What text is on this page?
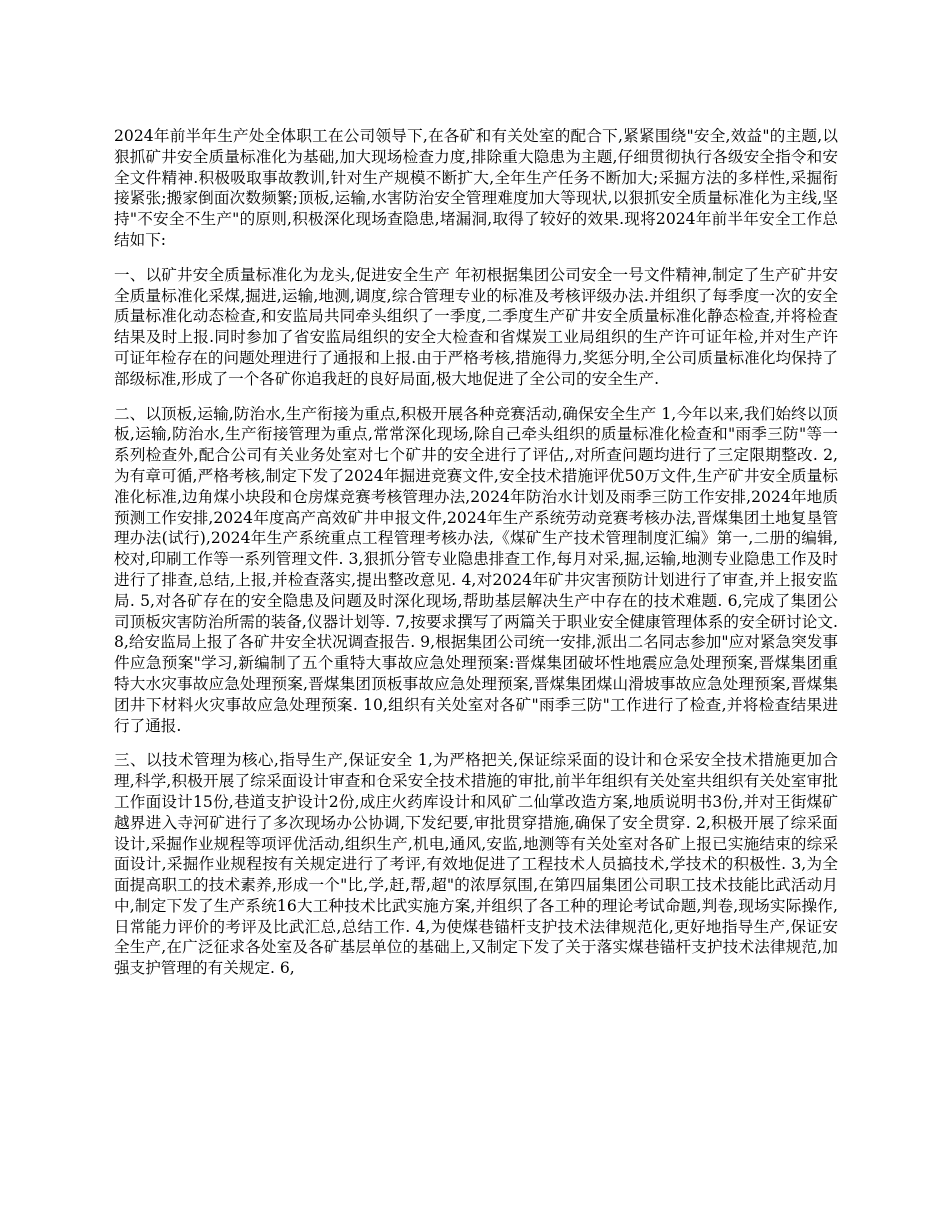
2024年前半年生产处全体职工在公司领导下,在各矿和有关处室的配合下,紧紧围绕"安全,效益"的主题,以狠抓矿井安全质量标准化为基础,加大现场检查力度,排除重大隐患为主题,仔细贯彻执行各级安全指令和安全文件精神.积极吸取事故教训,针对生产规模不断扩大,全年生产任务不断加大;采掘方法的多样性,采掘衔接紧张;搬家倒面次数频繁;顶板,运输,水害防治安全管理难度加大等现状,以狠抓安全质量标准化为主线,坚持"不安全不生产"的原则,积极深化现场查隐患,堵漏洞,取得了较好的效果.现将2024年前半年安全工作总结如下:

一、以矿井安全质量标准化为龙头,促进安全生产 年初根据集团公司安全一号文件精神,制定了生产矿井安全质量标准化采煤,掘进,运输,地测,调度,综合管理专业的标准及考核评级办法.并组织了每季度一次的安全质量标准化动态检查,和安监局共同牵头组织了一季度,二季度生产矿井安全质量标准化静态检查,并将检查结果及时上报.同时参加了省安监局组织的安全大检查和省煤炭工业局组织的生产许可证年检,并对生产许可证年检存在的问题处理进行了通报和上报.由于严格考核,措施得力,奖惩分明,全公司质量标准化均保持了部级标准,形成了一个各矿你追我赶的良好局面,极大地促进了全公司的安全生产.

二、以顶板,运输,防治水,生产衔接为重点,积极开展各种竞赛活动,确保安全生产 1,今年以来,我们始终以顶板,运输,防治水,生产衔接管理为重点,常常深化现场,除自己牵头组织的质量标准化检查和"雨季三防"等一系列检查外,配合公司有关业务处室对七个矿井的安全进行了评估,,对所查问题均进行了三定限期整改. 2,为有章可循,严格考核,制定下发了2024年掘进竞赛文件,安全技术措施评优50万文件,生产矿井安全质量标准化标准,边角煤小块段和仓房煤竞赛考核管理办法,2024年防治水计划及雨季三防工作安排,2024年地质预测工作安排,2024年度高产高效矿井申报文件,2024年生产系统劳动竞赛考核办法,晋煤集团土地复垦管理办法(试行),2024年生产系统重点工程管理考核办法,《煤矿生产技术管理制度汇编》第一,二册的编辑,校对,印刷工作等一系列管理文件. 3,狠抓分管专业隐患排查工作,每月对采,掘,运输,地测专业隐患工作及时进行了排查,总结,上报,并检查落实,提出整改意见. 4,对2024年矿井灾害预防计划进行了审查,并上报安监局. 5,对各矿存在的安全隐患及问题及时深化现场,帮助基层解决生产中存在的技术难题. 6,完成了集团公司顶板灾害防治所需的装备,仪器计划等. 7,按要求撰写了两篇关于职业安全健康管理体系的安全研讨论文. 8,给安监局上报了各矿井安全状况调查报告. 9,根据集团公司统一安排,派出二名同志参加"应对紧急突发事件应急预案"学习,新编制了五个重特大事故应急处理预案:晋煤集团破坏性地震应急处理预案,晋煤集团重特大水灾事故应急处理预案,晋煤集团顶板事故应急处理预案,晋煤集团煤山滑坡事故应急处理预案,晋煤集团井下材料火灾事故应急处理预案. 10,组织有关处室对各矿"雨季三防"工作进行了检查,并将检查结果进行了通报.

三、以技术管理为核心,指导生产,保证安全 1,为严格把关,保证综采面的设计和仓采安全技术措施更加合理,科学,积极开展了综采面设计审查和仓采安全技术措施的审批,前半年组织有关处室共组织有关处室审批工作面设计15份,巷道支护设计2份,成庄火药库设计和风矿二仙掌改造方案,地质说明书3份,并对王街煤矿越界进入寺河矿进行了多次现场办公协调,下发纪要,审批贯穿措施,确保了安全贯穿. 2,积极开展了综采面设计,采掘作业规程等项评优活动,组织生产,机电,通风,安监,地测等有关处室对各矿上报已实施结束的综采面设计,采掘作业规程按有关规定进行了考评,有效地促进了工程技术人员搞技术,学技术的积极性. 3,为全面提高职工的技术素养,形成一个"比,学,赶,帮,超"的浓厚氛围,在第四届集团公司职工技术技能比武活动月中,制定下发了生产系统16大工种技术比武实施方案,并组织了各工种的理论考试命题,判卷,现场实际操作,日常能力评价的考评及比武汇总,总结工作. 4,为使煤巷锚杆支护技术法律规范化,更好地指导生产,保证安全生产,在广泛征求各处室及各矿基层单位的基础上,又制定下发了关于落实煤巷锚杆支护技术法律规范,加强支护管理的有关规定. 6,
